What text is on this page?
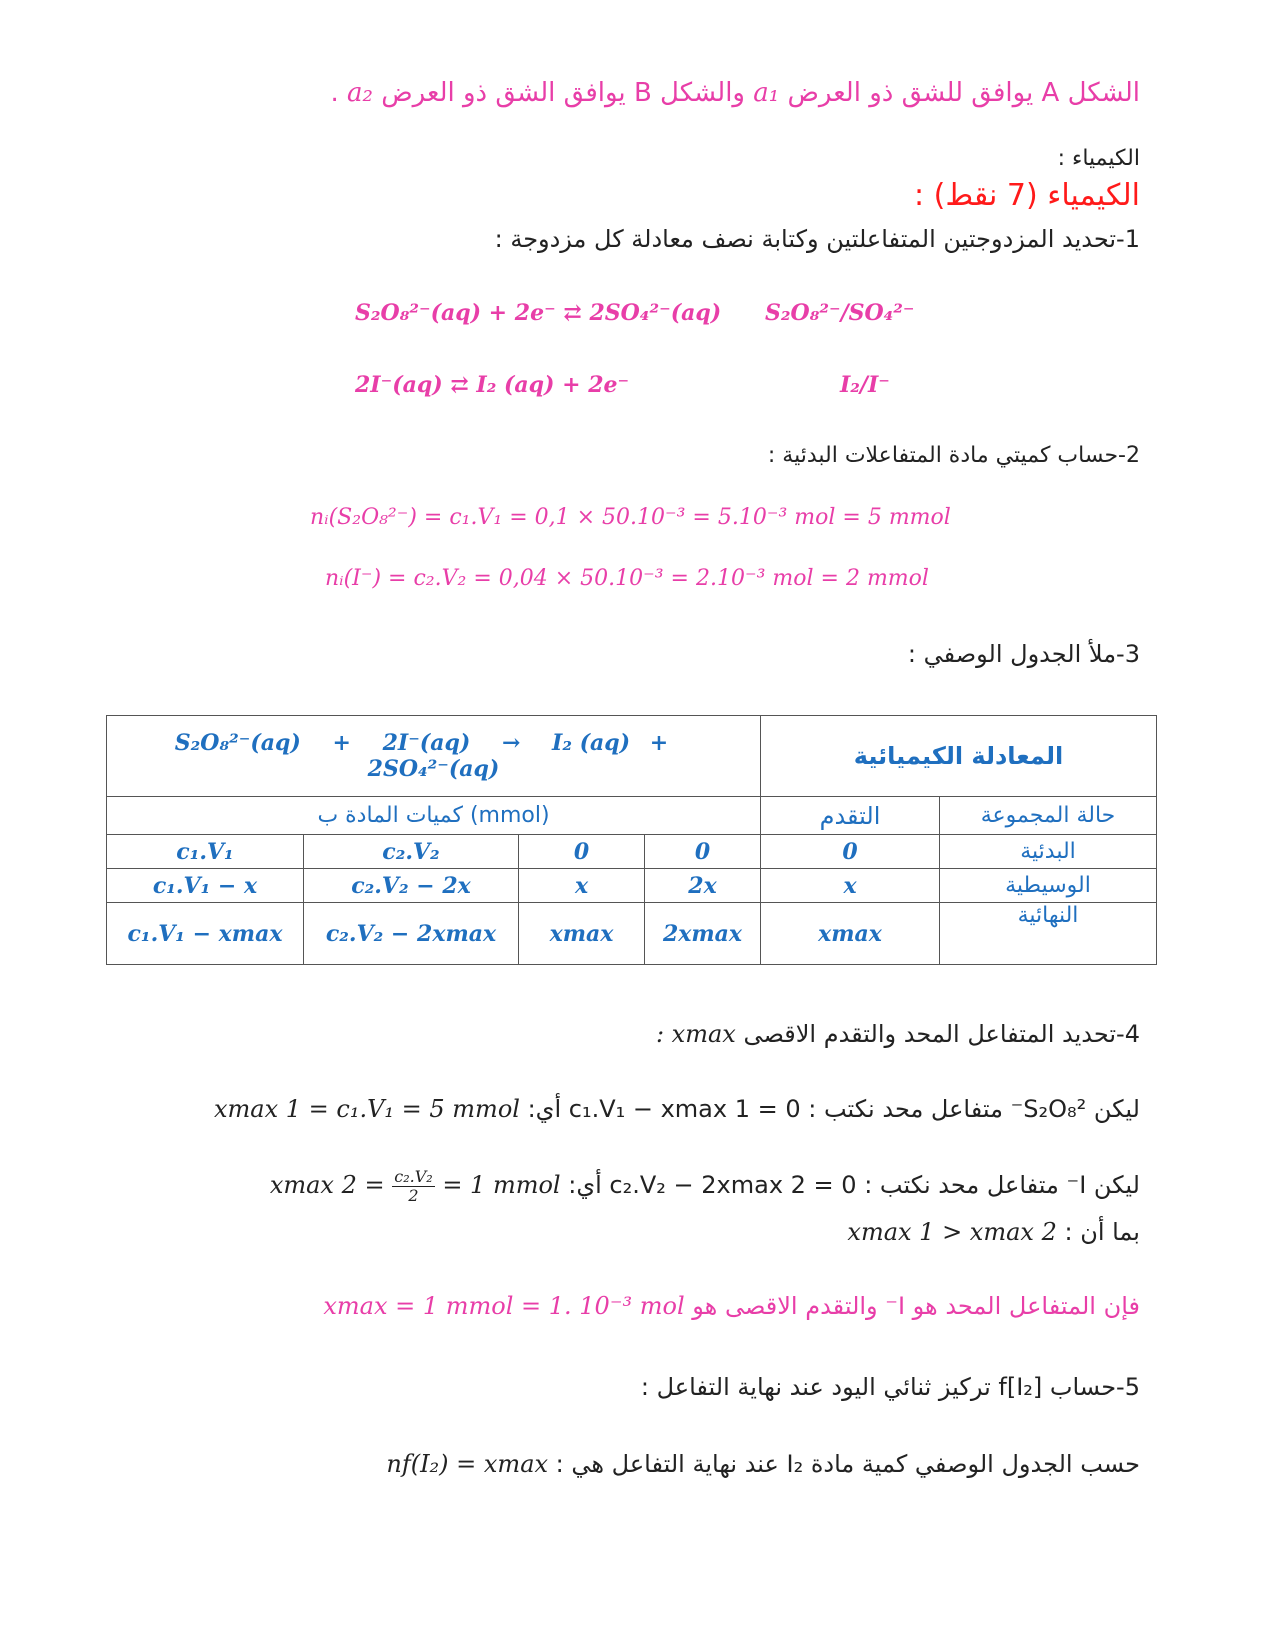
الشكل A يوافق للشق ذو العرض a₁ والشكل B يوافق الشق ذو العرض a₂ .
الكيمياء :
الكيمياء (7 نقط) :
1-تحديد المزدوجتين المتفاعلتين وكتابة نصف معادلة كل مزدوجة :
S₂O₈²⁻(aq) + 2e⁻ ⇄ 2SO₄²⁻(aq) S₂O₈²⁻/SO₄²⁻
2I⁻(aq) ⇄ I₂ (aq) + 2e⁻	I₂/I⁻
2-حساب كميتي مادة المتفاعلات البدئية :
nᵢ(S₂O₈²⁻) = c₁.V₁ = 0,1 × 50.10⁻³ = 5.10⁻³ mol = 5 mmol
nᵢ(I⁻) = c₂.V₂ = 0,04 × 50.10⁻³ = 2.10⁻³ mol = 2 mmol
3-ملأ الجدول الوصفي :
S₂O₈²⁻(aq) + 2I⁻(aq) → I₂ (aq) + 2SO₄²⁻(aq)				المعادلة الكيميائية	
كميات المادة ب (mmol)				التقدم	حالة المجموعة
c₁.V₁	c₂.V₂	0	0	0	البدئية
c₁.V₁ − x	c₂.V₂ − 2x	x	2x	x	الوسيطية
c₁.V₁ − xmax	c₂.V₂ − 2xmax	xmax	2xmax	xmax	النهائية
4-تحديد المتفاعل المحد والتقدم الاقصى xmax :
ليكن S₂O₈²⁻ متفاعل محد نكتب : c₁.V₁ − xmax 1 = 0 أي: xmax 1 = c₁.V₁ = 5 mmol
ليكن I⁻ متفاعل محد نكتب : c₂.V₂ − 2xmax 2 = 0 أي: xmax $2 = \frac{\text{c₂.V₂}}{2} = 1$ mmol
بما أن : xmax 1 > xmax 2
فإن المتفاعل المحد هو I⁻ والتقدم الاقصى هو xmax = 1 mmol = 1. 10⁻³ mol
5-حساب [I₂]f تركيز ثنائي اليود عند نهاية التفاعل :
حسب الجدول الوصفي كمية مادة I₂ عند نهاية التفاعل هي : nf(I₂) = xmax
